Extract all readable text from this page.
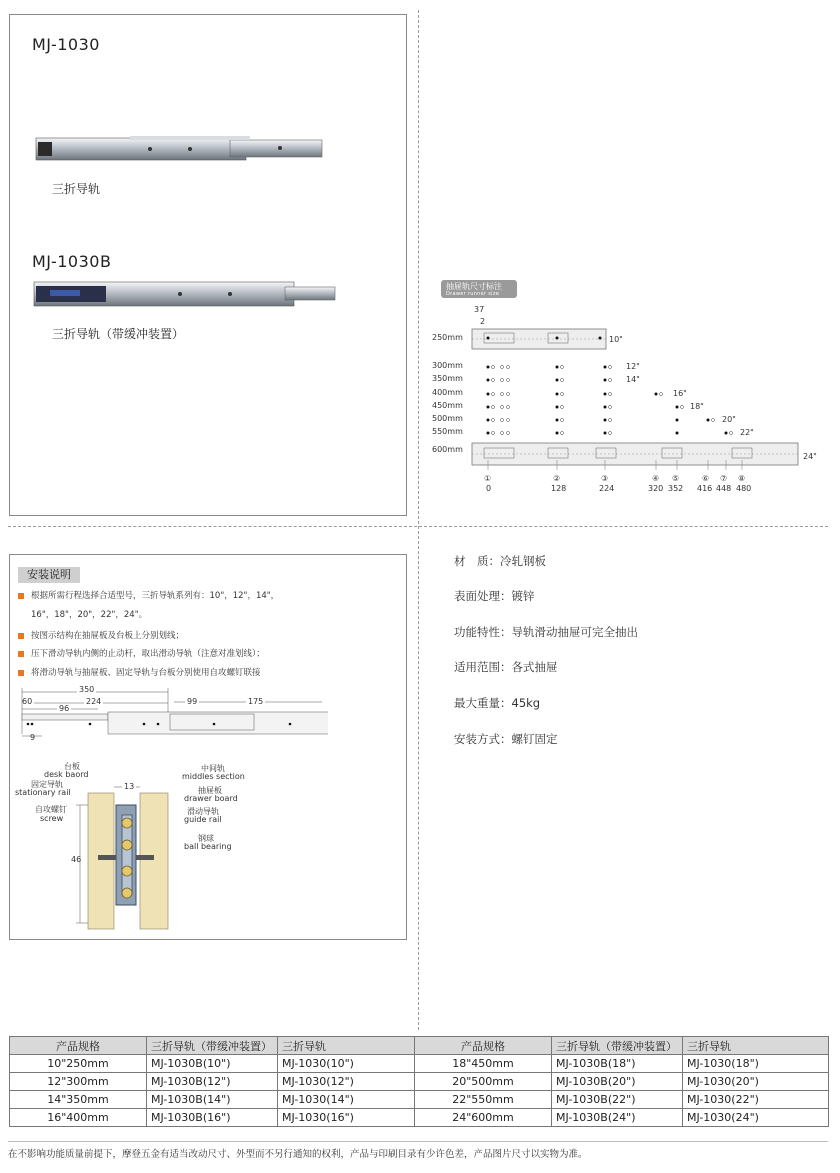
MJ-1030
三折导轨
MJ-1030B
三折导轨（带缓冲装置）
抽屉轨尺寸标注
Drawer runner size
37
2
250mm
300mm
350mm
400mm
450mm
500mm
550mm
600mm
10"
12"
14"
16"
18"
20"
22"
24"
①	②	③	④ ⑤	⑥ ⑦ ⑧
0	128	224	320 352 416 448 480
安装说明
根据所需行程选择合适型号，三折导轨系列有：10"，12"，14"，
16"，18"，20"，22"，24"。
按图示结构在抽屉板及台板上分别划线；
压下滑动导轨内侧的止动杆，取出滑动导轨（注意对准划线）；
将滑动导轨与抽屉板、固定导轨与台板分别使用自攻螺钉联接
350
224
60
96
9
99	175
13
46
台板
desk baord
固定导轨
stationary rail
自攻螺钉
screw
中间轨
middles section
抽屉板
drawer board
滑动导轨
guide rail
钢球
ball bearing
材　质：冷轧钢板
表面处理：镀锌
功能特性：导轨滑动抽屉可完全抽出
适用范围：各式抽屉
最大重量：45kg
安装方式：螺钉固定
产品规格	三折导轨（带缓冲装置）	三折导轨	产品规格	三折导轨（带缓冲装置）	三折导轨
10"250mm	MJ-1030B(10")	MJ-1030(10")	18"450mm	MJ-1030B(18")	MJ-1030(18")
12"300mm	MJ-1030B(12")	MJ-1030(12")	20"500mm	MJ-1030B(20")	MJ-1030(20")
14"350mm	MJ-1030B(14")	MJ-1030(14")	22"550mm	MJ-1030B(22")	MJ-1030(22")
16"400mm	MJ-1030B(16")	MJ-1030(16")	24"600mm	MJ-1030B(24")	MJ-1030(24")
在不影响功能质量前提下，摩登五金有适当改动尺寸、外型而不另行通知的权利，产品与印刷目录有少许色差，产品图片尺寸以实物为准。
